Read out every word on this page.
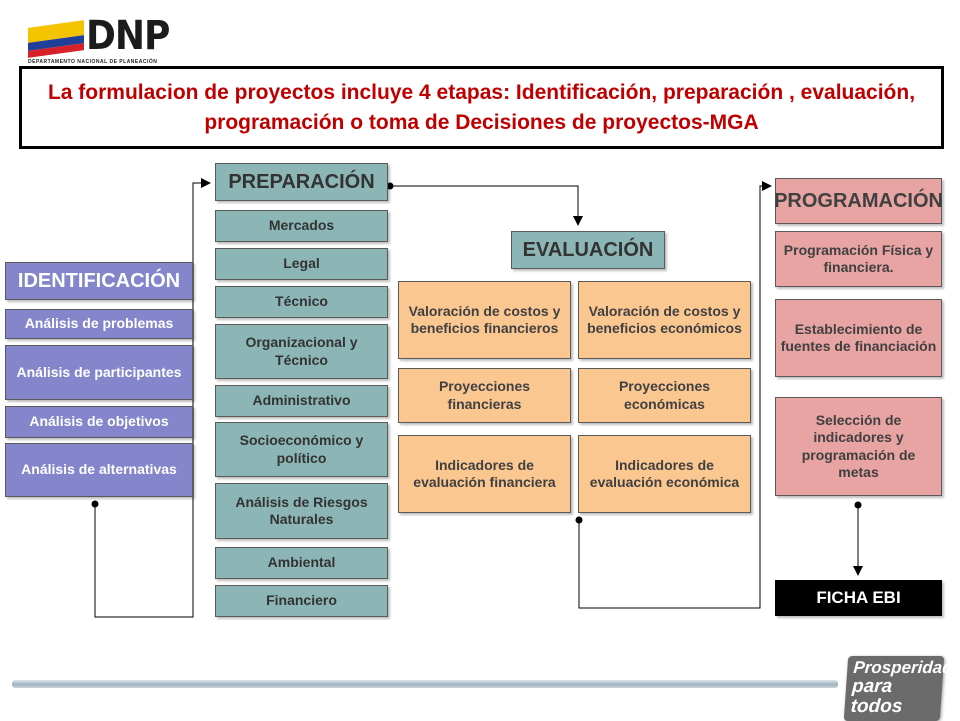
DNP
DEPARTAMENTO NACIONAL DE PLANEACIÓN
La formulacion de proyectos incluye 4 etapas: Identificación, preparación , evaluación, programación o toma de Decisiones de proyectos-MGA
IDENTIFICACIÓN
Análisis de problemas
Análisis de participantes
Análisis de objetivos
Análisis de alternativas
PREPARACIÓN
Mercados
Legal
Técnico
Organizacional y Técnico
Administrativo
Socioeconómico y político
Análisis de Riesgos Naturales
Ambiental
Financiero
EVALUACIÓN
Valoración de costos y beneficios financieros
Proyecciones financieras
Indicadores de evaluación financiera
Valoración de costos y beneficios económicos
Proyecciones económicas
Indicadores de evaluación económica
PROGRAMACIÓN
Programación Física y financiera.
Establecimiento de fuentes de financiación
Selección de indicadores y programación de metas
FICHA EBI
Prosperidad
para todos
